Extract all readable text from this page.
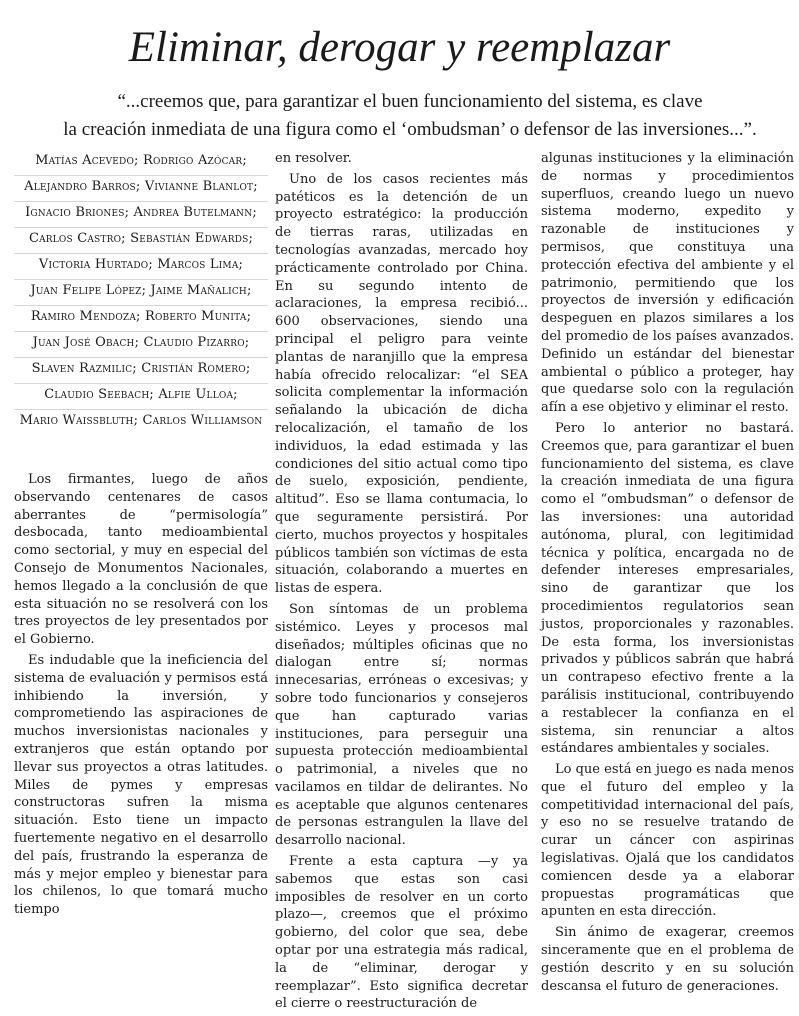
Eliminar, derogar y reemplazar
“...creemos que, para garantizar el buen funcionamiento del sistema, es clave
la creación inmediata de una figura como el ‘ombudsman’ o defensor de las inversiones...”.
Matías Acevedo; Rodrigo Azócar;
Alejandro Barros; Vivianne Blanlot;
Ignacio Briones; Andrea Butelmann;
Carlos Castro; Sebastián Edwards;
Victoria Hurtado; Marcos Lima;
Juan Felipe López; Jaime Mañalich;
Ramiro Mendoza; Roberto Munita;
Juan José Obach; Claudio Pizarro;
Slaven Razmilic; Cristián Romero;
Claudio Seebach; Alfie Ulloa;
Mario Waissbluth; Carlos Williamson

Los firmantes, luego de años observando centenares de casos aberrantes de “permisología” desbocada, tanto medioambiental como sectorial, y muy en especial del Consejo de Monumentos Nacionales, hemos llegado a la conclusión de que esta situación no se resolverá con los tres proyectos de ley presentados por el Gobierno.

Es indudable que la ineficiencia del sistema de evaluación y permisos está inhibiendo la inversión, y comprometiendo las aspiraciones de muchos inversionistas nacionales y extranjeros que están optando por llevar sus proyectos a otras latitudes. Miles de pymes y empresas constructoras sufren la misma situación. Esto tiene un impacto fuertemente negativo en el desarrollo del país, frustrando la esperanza de más y mejor empleo y bienestar para los chilenos, lo que tomará mucho tiempo

en resolver.

Uno de los casos recientes más patéticos es la detención de un proyecto estratégico: la producción de tierras raras, utilizadas en tecnologías avanzadas, mercado hoy prácticamente controlado por China. En su segundo intento de aclaraciones, la empresa recibió... 600 observaciones, siendo una principal el peligro para veinte plantas de naranjillo que la empresa había ofrecido relocalizar: “el SEA solicita complementar la información señalando la ubicación de dicha relocalización, el tamaño de los individuos, la edad estimada y las condiciones del sitio actual como tipo de suelo, exposición, pendiente, altitud”. Eso se llama contumacia, lo que seguramente persistirá. Por cierto, muchos proyectos y hospitales públicos también son víctimas de esta situación, colaborando a muertes en listas de espera.

Son síntomas de un problema sistémico. Leyes y procesos mal diseñados; múltiples oficinas que no dialogan entre sí; normas innecesarias, erróneas o excesivas; y sobre todo funcionarios y consejeros que han capturado varias instituciones, para perseguir una supuesta protección medioambiental o patrimonial, a niveles que no vacilamos en tildar de delirantes. No es aceptable que algunos centenares de personas estrangulen la llave del desarrollo nacional.

Frente a esta captura —y ya sabemos que estas son casi imposibles de resolver en un corto plazo—, creemos que el próximo gobierno, del color que sea, debe optar por una estrategia más radical, la de “eliminar, derogar y reemplazar”. Esto significa decretar el cierre o reestructuración de

algunas instituciones y la eliminación de normas y procedimientos superfluos, creando luego un nuevo sistema moderno, expedito y razonable de instituciones y permisos, que constituya una protección efectiva del ambiente y el patrimonio, permitiendo que los proyectos de inversión y edificación despeguen en plazos similares a los del promedio de los países avanzados. Definido un estándar del bienestar ambiental o público a proteger, hay que quedarse solo con la regulación afín a ese objetivo y eliminar el resto.

Pero lo anterior no bastará. Creemos que, para garantizar el buen funcionamiento del sistema, es clave la creación inmediata de una figura como el “ombudsman” o defensor de las inversiones: una autoridad autónoma, plural, con legitimidad técnica y política, encargada no de defender intereses empresariales, sino de garantizar que los procedimientos regulatorios sean justos, proporcionales y razonables. De esta forma, los inversionistas privados y públicos sabrán que habrá un contrapeso efectivo frente a la parálisis institucional, contribuyendo a restablecer la confianza en el sistema, sin renunciar a altos estándares ambientales y sociales.

Lo que está en juego es nada menos que el futuro del empleo y la competitividad internacional del país, y eso no se resuelve tratando de curar un cáncer con aspirinas legislativas. Ojalá que los candidatos comiencen desde ya a elaborar propuestas programáticas que apunten en esta dirección.

Sin ánimo de exagerar, creemos sinceramente que en el problema de gestión descrito y en su solución descansa el futuro de generaciones.
